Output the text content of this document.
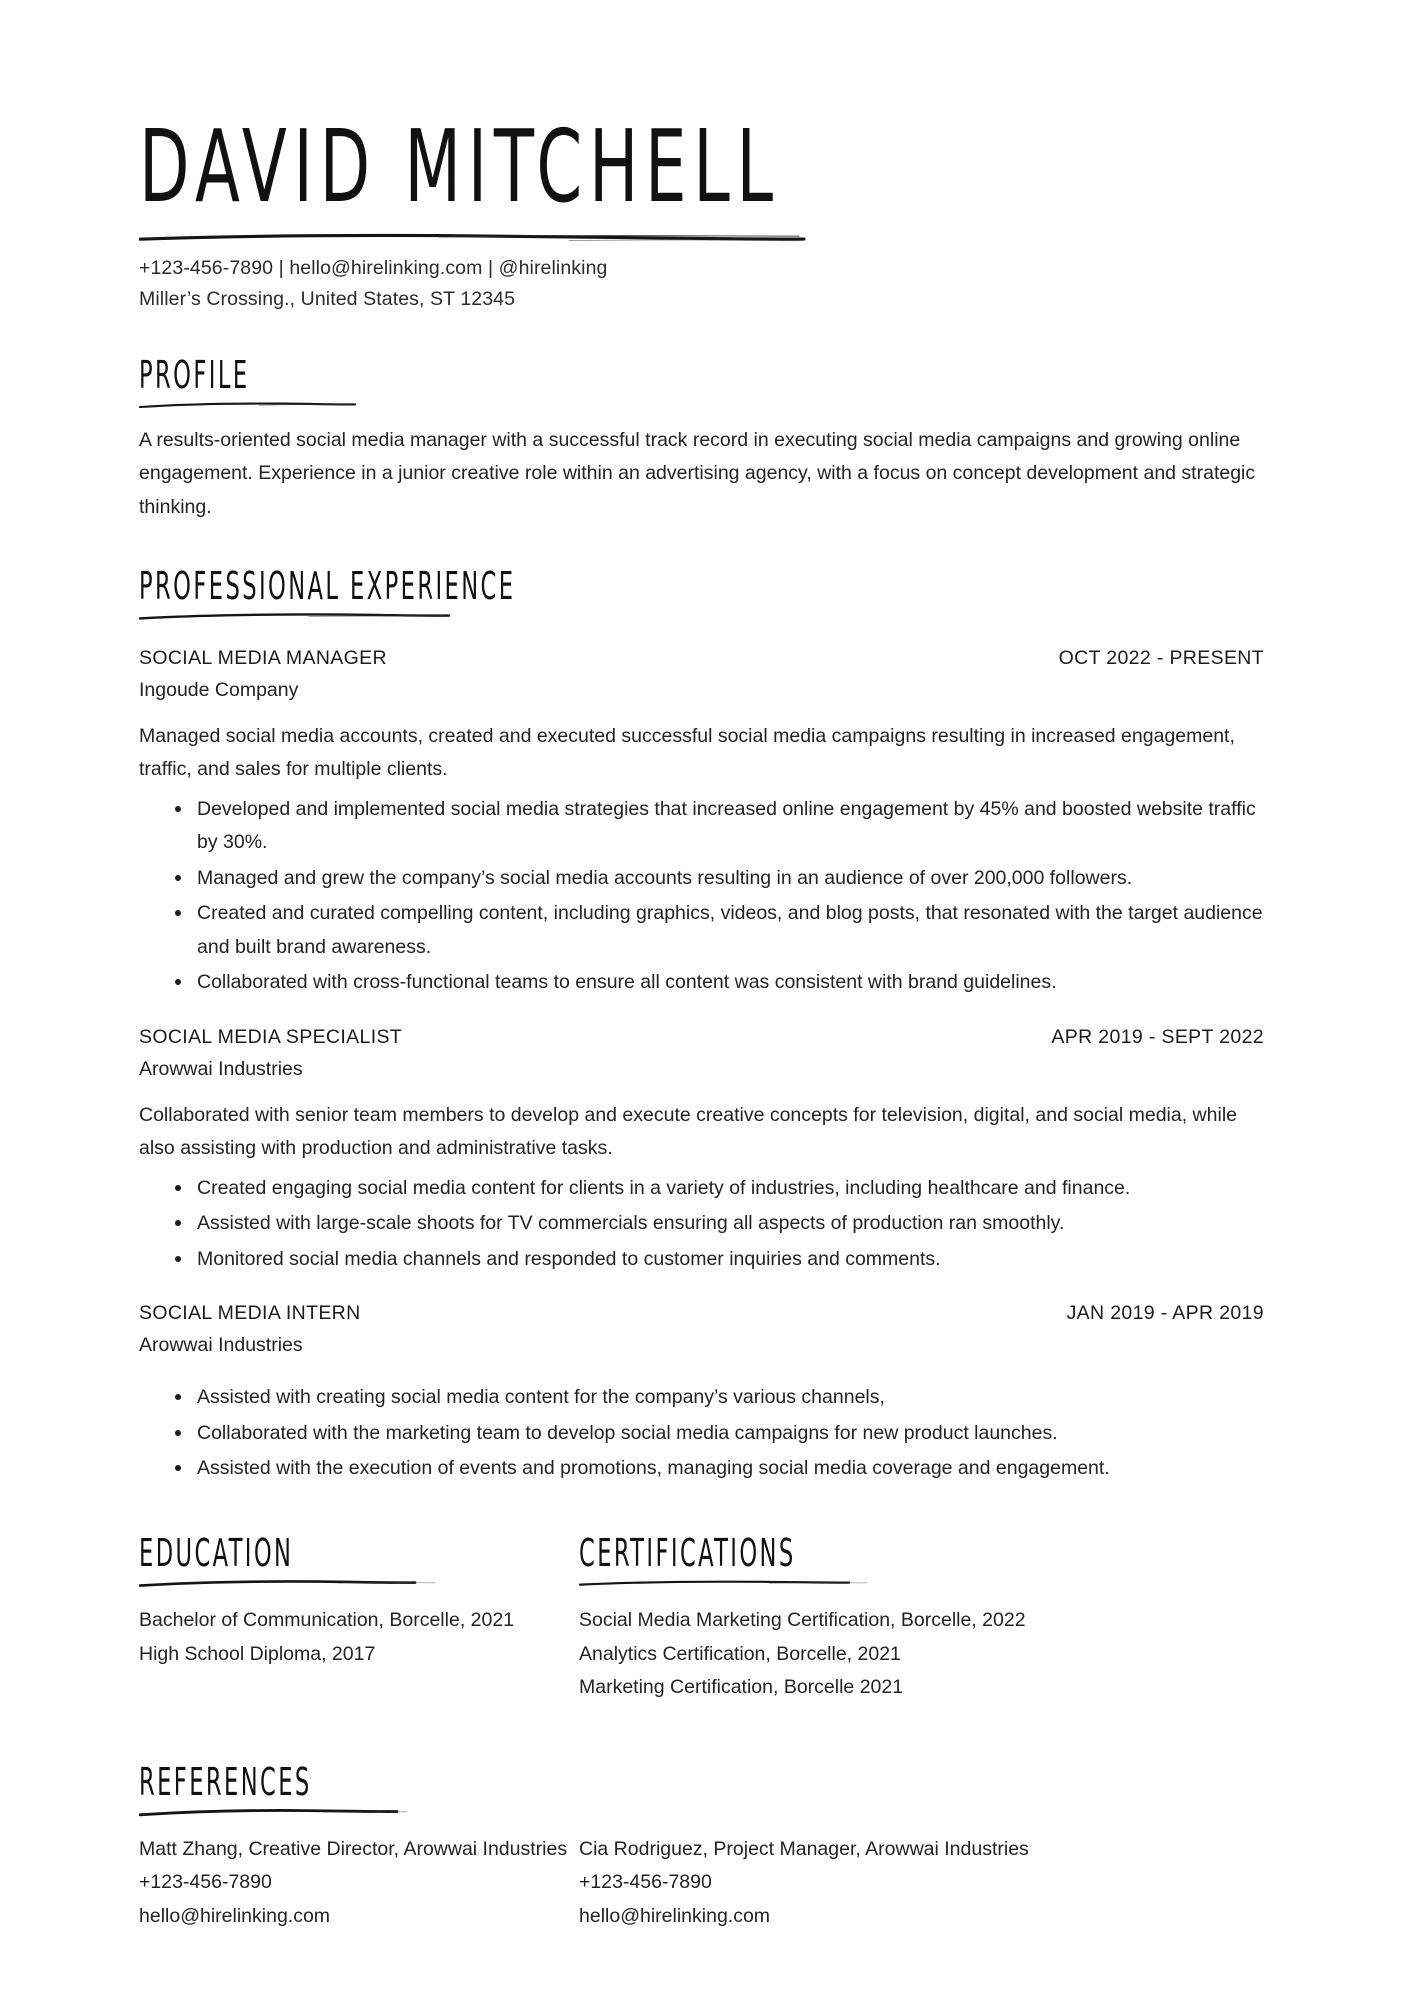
DAVID MITCHELL
+123-456-7890 | hello@hirelinking.com | @hirelinking
Miller’s Crossing., United States, ST 12345
PROFILE
A results-oriented social media manager with a successful track record in executing social media campaigns and growing online engagement. Experience in a junior creative role within an advertising agency, with a focus on concept development and strategic thinking.
PROFESSIONAL EXPERIENCE
SOCIAL MEDIA MANAGER	OCT 2022 - PRESENT
Ingoude Company
Managed social media accounts, created and executed successful social media campaigns resulting in increased engagement, traffic, and sales for multiple clients.
Developed and implemented social media strategies that increased online engagement by 45% and boosted website traffic by 30%.
Managed and grew the company’s social media accounts resulting in an audience of over 200,000 followers.
Created and curated compelling content, including graphics, videos, and blog posts, that resonated with the target audience and built brand awareness.
Collaborated with cross-functional teams to ensure all content was consistent with brand guidelines.
SOCIAL MEDIA SPECIALIST	APR 2019 - SEPT 2022
Arowwai Industries
Collaborated with senior team members to develop and execute creative concepts for television, digital, and social media, while also assisting with production and administrative tasks.
Created engaging social media content for clients in a variety of industries, including healthcare and finance.
Assisted with large-scale shoots for TV commercials ensuring all aspects of production ran smoothly.
Monitored social media channels and responded to customer inquiries and comments.
SOCIAL MEDIA INTERN	JAN 2019 - APR 2019
Arowwai Industries
Assisted with creating social media content for the company’s various channels,
Collaborated with the marketing team to develop social media campaigns for new product launches.
Assisted with the execution of events and promotions, managing social media coverage and engagement.
EDUCATION
Bachelor of Communication, Borcelle, 2021
High School Diploma, 2017
CERTIFICATIONS
Social Media Marketing Certification, Borcelle, 2022
Analytics Certification, Borcelle, 2021
Marketing Certification, Borcelle 2021
REFERENCES
Matt Zhang, Creative Director, Arowwai Industries
+123-456-7890
hello@hirelinking.com
Cia Rodriguez, Project Manager, Arowwai Industries
+123-456-7890
hello@hirelinking.com
